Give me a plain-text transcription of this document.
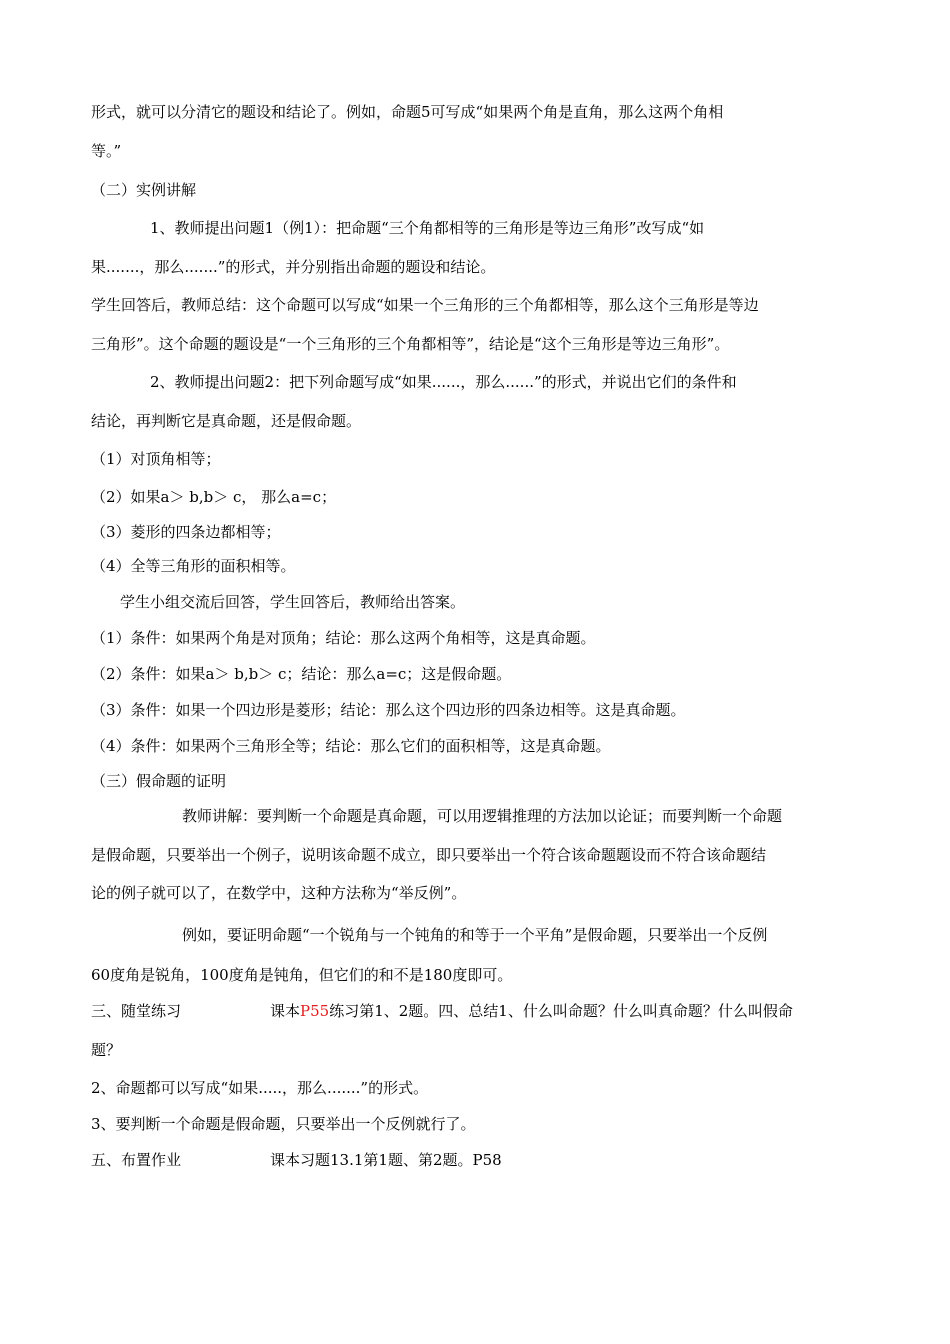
形式，就可以分清它的题设和结论了。例如，命题5可写成“如果两个角是直角，那么这两个角相
等。”
（二）实例讲解
1、教师提出问题1（例1）：把命题“三个角都相等的三角形是等边三角形”改写成“如
果.......，那么.......”的形式，并分别指出命题的题设和结论。
学生回答后，教师总结：这个命题可以写成“如果一个三角形的三个角都相等，那么这个三角形是等边
三角形”。这个命题的题设是“一个三角形的三个角都相等”，结论是“这个三角形是等边三角形”。
2、教师提出问题2：把下列命题写成“如果......，那么......”的形式，并说出它们的条件和
结论，再判断它是真命题，还是假命题。
（1）对顶角相等；
（2）如果a＞ b,b＞ c， 那么a=c；
（3）菱形的四条边都相等；
（4）全等三角形的面积相等。
学生小组交流后回答，学生回答后，教师给出答案。
（1）条件：如果两个角是对顶角；结论：那么这两个角相等，这是真命题。
（2）条件：如果a＞ b,b＞ c；结论：那么a=c；这是假命题。
（3）条件：如果一个四边形是菱形；结论：那么这个四边形的四条边相等。这是真命题。
（4）条件：如果两个三角形全等；结论：那么它们的面积相等，这是真命题。
（三）假命题的证明
教师讲解：要判断一个命题是真命题，可以用逻辑推理的方法加以论证；而要判断一个命题
是假命题，只要举出一个例子，说明该命题不成立，即只要举出一个符合该命题题设而不符合该命题结
论的例子就可以了，在数学中，这种方法称为“举反例”。
例如，要证明命题“一个锐角与一个钝角的和等于一个平角”是假命题，只要举出一个反例
60度角是锐角，100度角是钝角，但它们的和不是180度即可。
三、随堂练习	课本P55练习第1、2题。四、总结1、什么叫命题？什么叫真命题？什么叫假命
题？
2、命题都可以写成“如果.....，那么.......”的形式。
3、要判断一个命题是假命题，只要举出一个反例就行了。
五、布置作业	课本习题13.1第1题、第2题。P58
